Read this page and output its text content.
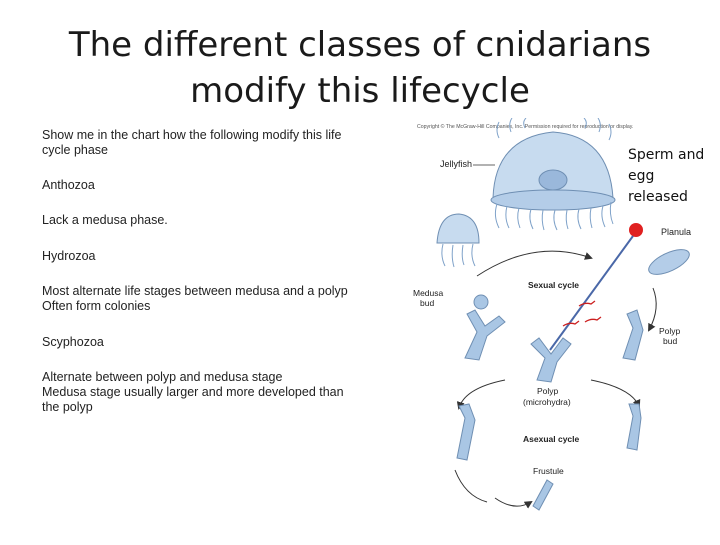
The different classes of cnidarians
modify this lifecycle

Show me in the chart how the following modify this life

cycle phase

Anthozoa

Lack a medusa phase.

Hydrozoa

Most alternate life stages between medusa and a polyp

Often form colonies

Scyphozoa

Alternate between polyp and medusa stage

Medusa stage usually larger and more developed than

the polyp

Copyright © The McGraw-Hill Companies, Inc. Permission required for reproduction or display.
Jellyfish
Planula
Sexual cycle
Medusa
bud
Polyp
bud
Polyp
(microhydra)
Asexual cycle
Frustule
Sperm and
egg
released
